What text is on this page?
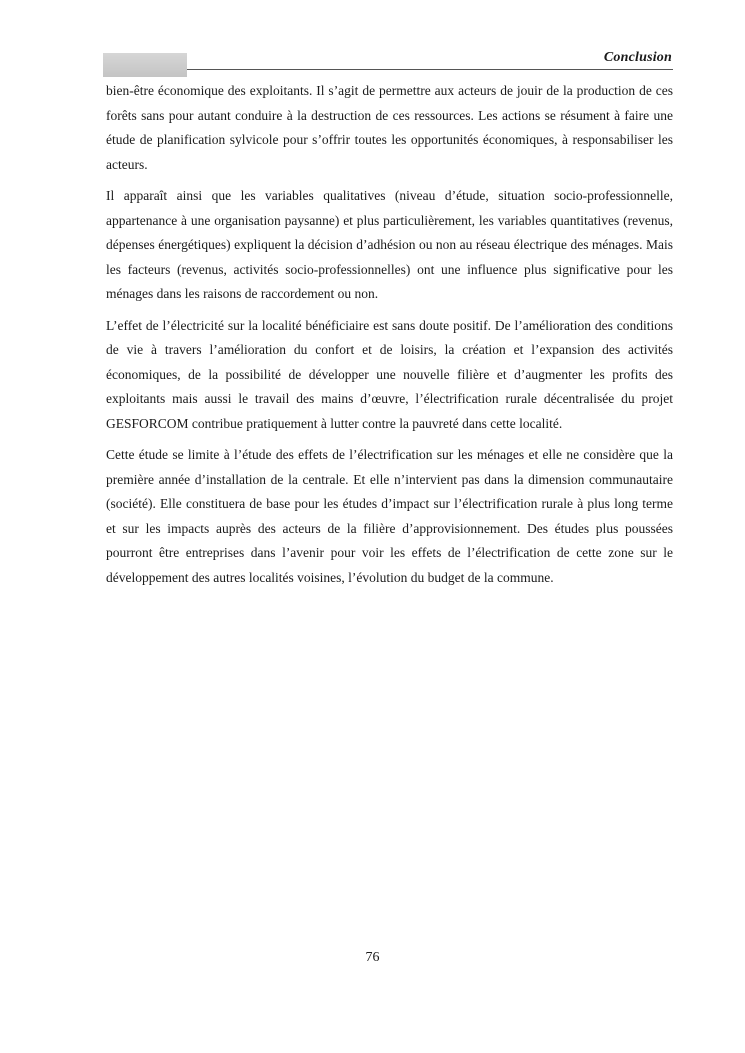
Conclusion

bien-être économique des exploitants. Il s’agit de permettre aux acteurs de jouir de la production de ces forêts sans pour autant conduire à la destruction de ces ressources. Les actions se résument à faire une étude de planification sylvicole pour s’offrir toutes les opportunités économiques, à responsabiliser les acteurs.

Il apparaît ainsi que les variables qualitatives (niveau d’étude, situation socio-professionnelle, appartenance à une organisation paysanne) et plus particulièrement, les variables quantitatives (revenus, dépenses énergétiques) expliquent la décision d’adhésion ou non au réseau électrique des ménages. Mais les facteurs (revenus, activités socio-professionnelles) ont une influence plus significative pour les ménages dans les raisons de raccordement ou non.

L’effet de l’électricité sur la localité bénéficiaire est sans doute positif. De l’amélioration des conditions de vie à travers l’amélioration du confort et de loisirs, la création et l’expansion des activités économiques, de la possibilité de développer une nouvelle filière et d’augmenter les profits des exploitants mais aussi le travail des mains d’œuvre, l’électrification rurale décentralisée du projet GESFORCOM contribue pratiquement à lutter contre la pauvreté dans cette localité.

Cette étude se limite à l’étude des effets de l’électrification sur les ménages et elle ne considère que la première année d’installation de la centrale. Et elle n’intervient pas dans la dimension communautaire (société). Elle constituera de base pour les études d’impact sur l’électrification rurale à plus long terme et sur les impacts auprès des acteurs de la filière d’approvisionnement. Des études plus poussées pourront être entreprises dans l’avenir pour voir les effets de l’électrification de cette zone sur le développement des autres localités voisines, l’évolution du budget de la commune.

76
